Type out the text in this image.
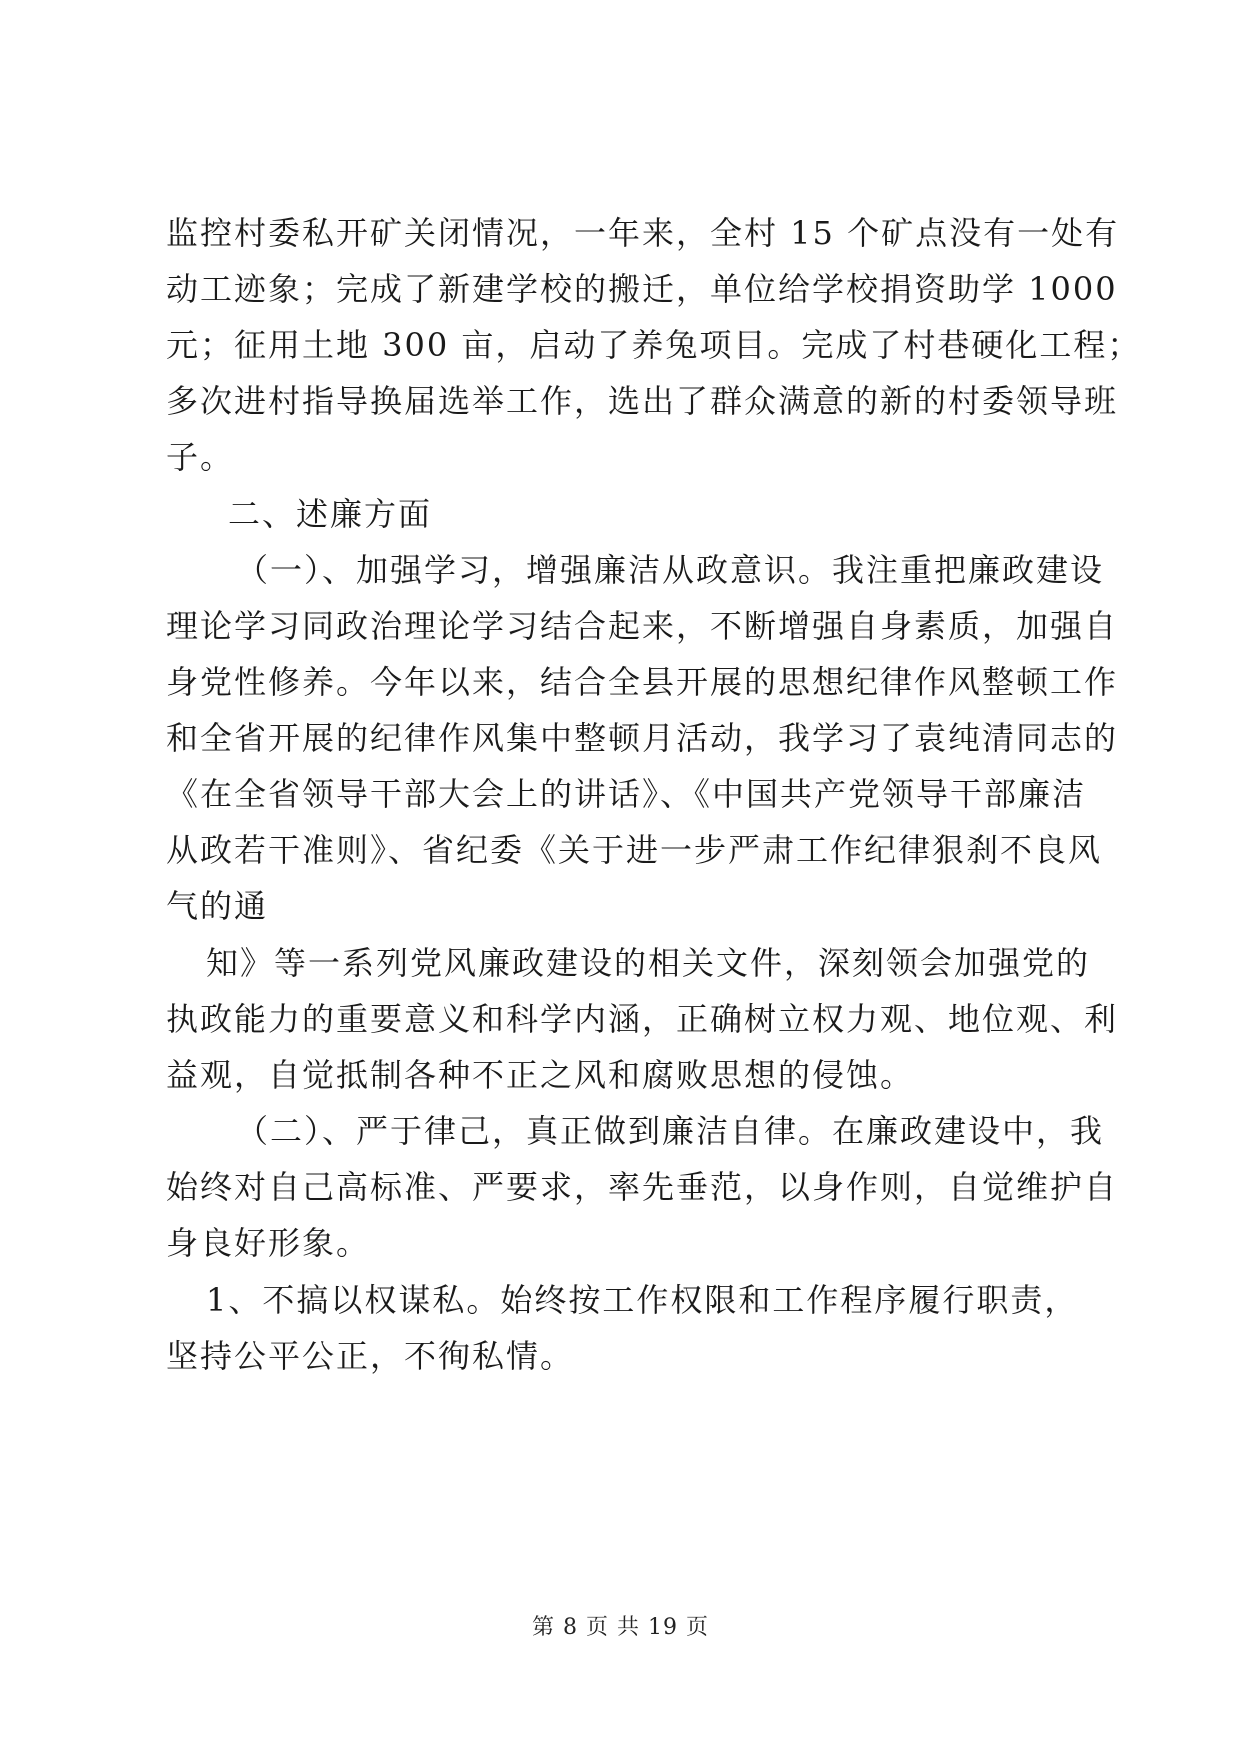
监控村委私开矿关闭情况，一年来，全村 15 个矿点没有一处有
动工迹象；完成了新建学校的搬迁，单位给学校捐资助学 1000
元；征用土地 300 亩，启动了养兔项目。完成了村巷硬化工程；
多次进村指导换届选举工作，选出了群众满意的新的村委领导班
子。
二、述廉方面
（一）、加强学习，增强廉洁从政意识。我注重把廉政建设
理论学习同政治理论学习结合起来，不断增强自身素质，加强自
身党性修养。今年以来，结合全县开展的思想纪律作风整顿工作
和全省开展的纪律作风集中整顿月活动，我学习了袁纯清同志的
《在全省领导干部大会上的讲话》、《中国共产党领导干部廉洁
从政若干准则》、省纪委《关于进一步严肃工作纪律狠刹不良风
气的通
知》等一系列党风廉政建设的相关文件，深刻领会加强党的
执政能力的重要意义和科学内涵，正确树立权力观、地位观、利
益观，自觉抵制各种不正之风和腐败思想的侵蚀。
（二）、严于律己，真正做到廉洁自律。在廉政建设中，我
始终对自己高标准、严要求，率先垂范，以身作则，自觉维护自
身良好形象。
1、不搞以权谋私。始终按工作权限和工作程序履行职责，
坚持公平公正，不徇私情。
第 8 页 共 19 页
